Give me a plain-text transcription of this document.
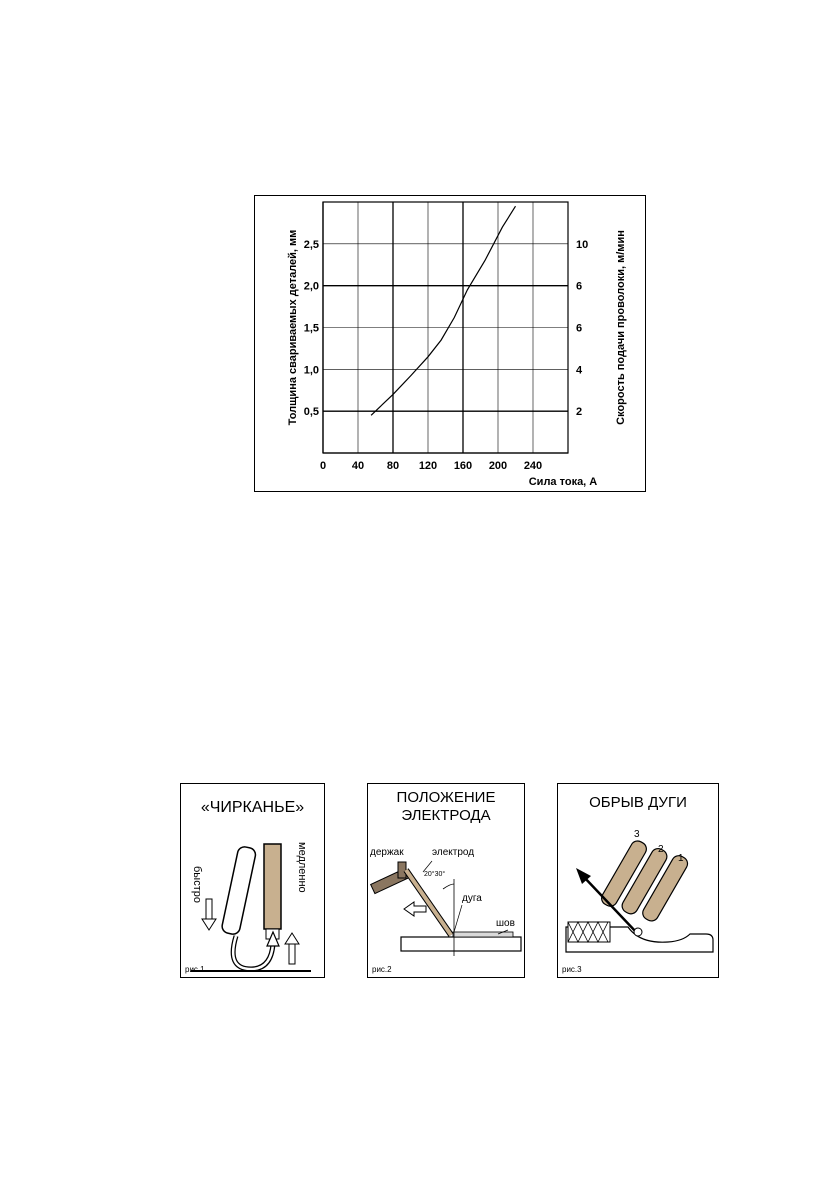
0 40 80 120 160 200 240
0,5
1,0
1,5
2,0
2,5
2
4
6
6
10
Сила тока, А
Толщина свариваемых деталей, мм	Скорость подачи проволоки, м/мин
«ЧИРКАНЬЕ»
быстро	медленно
рис.1
ПОЛОЖЕНИЕ
ЭЛЕКТРОДА
держак	электрод
20°30°
дуга
шов
рис.2
ОБРЫВ ДУГИ
1
2
3
рис.3
